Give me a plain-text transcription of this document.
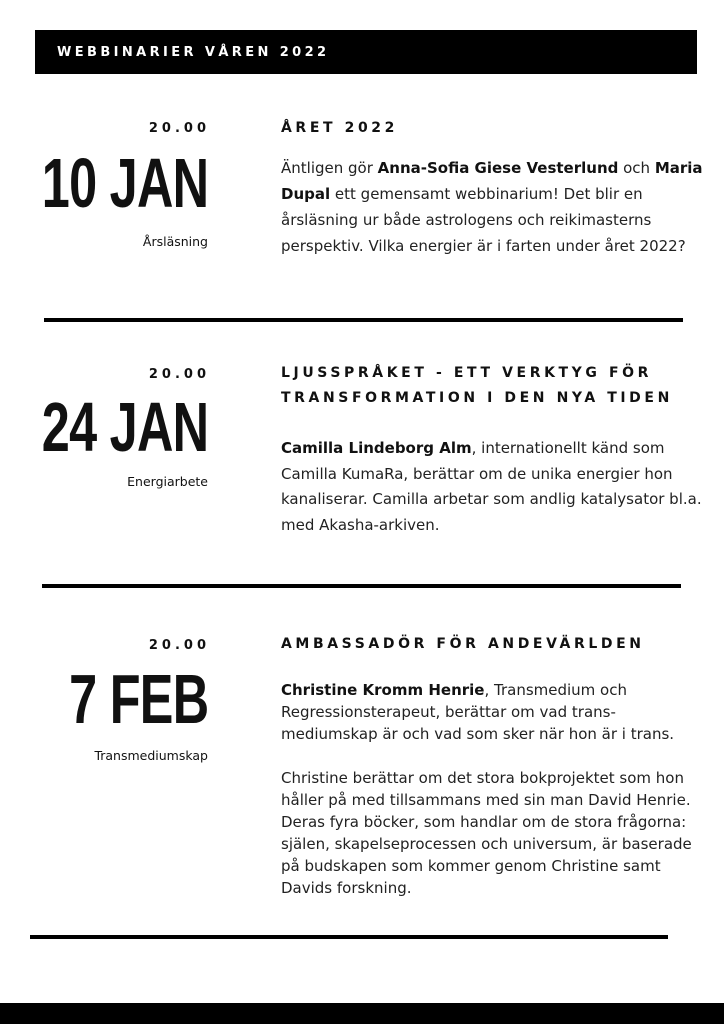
WEBBINARIER VÅREN 2022
20.00
10 JAN
Årsläsning
ÅRET 2022

Äntligen gör Anna-Sofia Giese Vesterlund och Maria Dupal ett gemensamt webbinarium! Det blir en årsläsning ur både astrologens och reikimasterns perspektiv. Vilka energier är i farten under året 2022?

20.00
24 JAN
Energiarbete
LJUSSPRÅKET - ETT VERKTYG FÖR TRANSFORMATION I DEN NYA TIDEN

Camilla Lindeborg Alm, internationellt känd som Camilla KumaRa, berättar om de unika energier hon kanaliserar. Camilla arbetar som andlig katalysator bl.a. med Akasha-arkiven.

20.00
7 FEB
Transmediumskap
AMBASSADÖR FÖR ANDEVÄRLDEN

Christine Kromm Henrie, Transmedium och Regressionsterapeut, berättar om vad trans-mediumskap är och vad som sker när hon är i trans.

Christine berättar om det stora bokprojektet som hon håller på med tillsammans med sin man David Henrie. Deras fyra böcker, som handlar om de stora frågorna: själen, skapelseprocessen och universum, är baserade på budskapen som kommer genom Christine samt Davids forskning.
